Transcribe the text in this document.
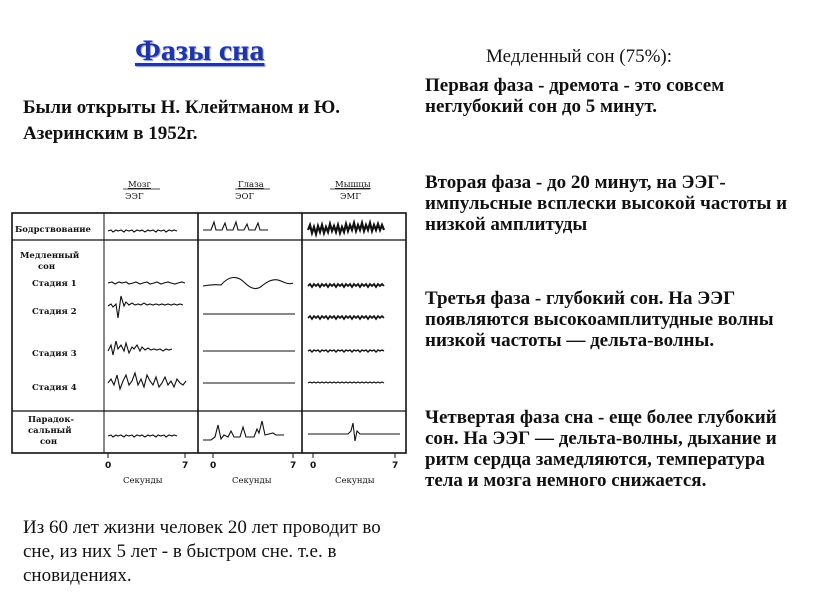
Фазы сна
Были открыты Н. Клейтманом и Ю. Азеринским в 1952г.
Мозг
ЭЭГ
Глаза
ЭОГ
Мышцы
ЭМГ
Бодрствование
Медленный
сон
Стадия 1
Стадия 2
Стадия 3
Стадия 4
Парадок-
сальный
сон
0	7
Секунды
0	7
Секунды
0	7
Секунды
Из 60 лет жизни человек 20 лет проводит во сне, из них 5 лет - в быстром сне. т.е. в сновидениях.
Медленный сон (75%):
Первая фаза - дремота - это совсем неглубокий сон до 5 минут.
Вторая фаза - до 20 минут, на ЭЭГ- импульсные всплески высокой частоты и низкой амплитуды
Третья фаза - глубокий сон. На ЭЭГ появляются высокоамплитудные волны низкой частоты — дельта-волны.
Четвертая фаза сна - еще более глубокий сон. На ЭЭГ — дельта-волны, дыхание и ритм сердца замедляются, температура тела и мозга немного снижается.
